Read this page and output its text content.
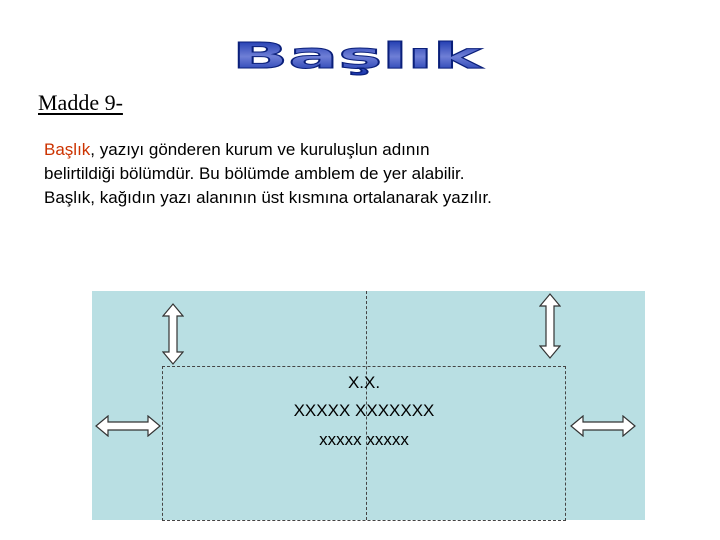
Başlık
Madde 9-
Başlık, yazıyı gönderen kurum ve kuruluşlun adının
belirtildiği bölümdür. Bu bölümde amblem de yer alabilir.
Başlık, kağıdın yazı alanının üst kısmına ortalanarak yazılır.
X.X.
XXXXX XXXXXXX
xxxxx xxxxx
